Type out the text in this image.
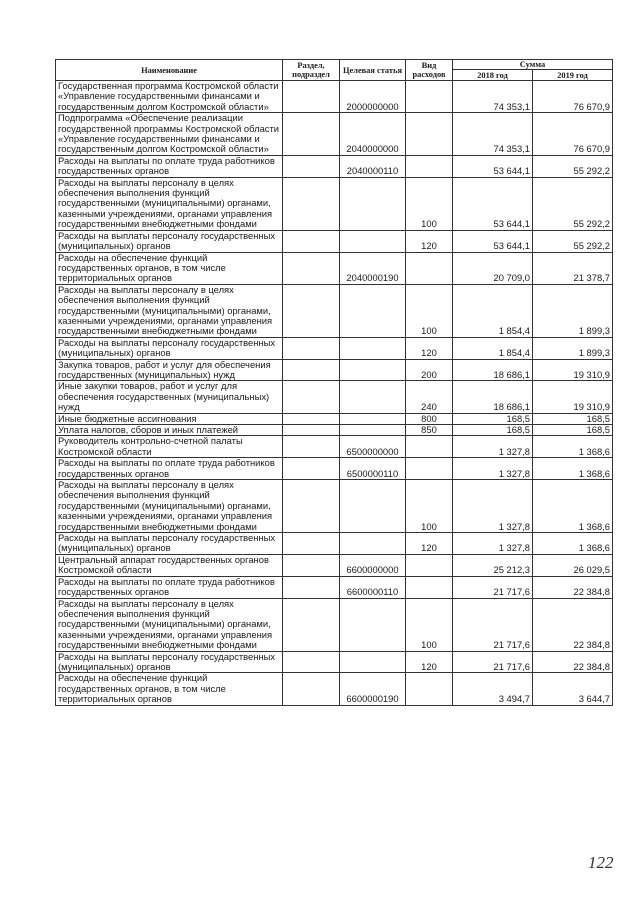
Наименование	Раздел, подраздел	Целевая статья	Вид расходов	Сумма	
				2018 год	2019 год
Государственная программа Костромской области «Управление государственными финансами и государственным долгом Костромской области»		2000000000		74 353,1	76 670,9
Подпрограмма «Обеспечение реализации государственной программы Костромской области «Управление государственными финансами и государственным долгом Костромской области»		2040000000		74 353,1	76 670,9
Расходы на выплаты по оплате труда работников государственных органов		2040000110		53 644,1	55 292,2
Расходы на выплаты персоналу в целях обеспечения выполнения функций государственными (муниципальными) органами, казенными учреждениями, органами управления государственными внебюджетными фондами			100	53 644,1	55 292,2
Расходы на выплаты персоналу государственных (муниципальных) органов			120	53 644,1	55 292,2
Расходы на обеспечение функций государственных органов, в том числе территориальных органов		2040000190		20 709,0	21 378,7
Расходы на выплаты персоналу в целях обеспечения выполнения функций государственными (муниципальными) органами, казенными учреждениями, органами управления государственными внебюджетными фондами			100	1 854,4	1 899,3
Расходы на выплаты персоналу государственных (муниципальных) органов			120	1 854,4	1 899,3
Закупка товаров, работ и услуг для обеспечения государственных (муниципальных) нужд			200	18 686,1	19 310,9
Иные закупки товаров, работ и услуг для обеспечения государственных (муниципальных) нужд			240	18 686,1	19 310,9
Иные бюджетные ассигнования			800	168,5	168,5
Уплата налогов, сборов и иных платежей			850	168,5	168,5
Руководитель контрольно-счетной палаты Костромской области		6500000000		1 327,8	1 368,6
Расходы на выплаты по оплате труда работников государственных органов		6500000110		1 327,8	1 368,6
Расходы на выплаты персоналу в целях обеспечения выполнения функций государственными (муниципальными) органами, казенными учреждениями, органами управления государственными внебюджетными фондами			100	1 327,8	1 368,6
Расходы на выплаты персоналу государственных (муниципальных) органов			120	1 327,8	1 368,6
Центральный аппарат государственных органов Костромской области		6600000000		25 212,3	26 029,5
Расходы на выплаты по оплате труда работников государственных органов		6600000110		21 717,6	22 384,8
Расходы на выплаты персоналу в целях обеспечения выполнения функций государственными (муниципальными) органами, казенными учреждениями, органами управления государственными внебюджетными фондами			100	21 717,6	22 384,8
Расходы на выплаты персоналу государственных (муниципальных) органов			120	21 717,6	22 384,8
Расходы на обеспечение функций государственных органов, в том числе территориальных органов		6600000190		3 494,7	3 644,7
122
